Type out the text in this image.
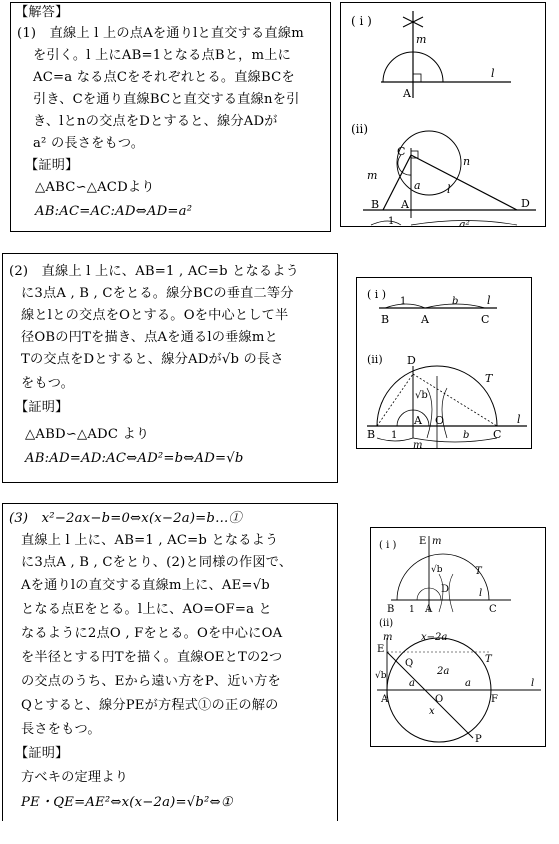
【解答】
(1)　直線上 l 上の点Aを通りlと直交する直線m
を引く。l 上にAB=1となる点Bと，m上に
AC=a なる点Cをそれぞれとる。直線BCを
引き、Cを通り直線BCと直交する直線nを引
き、lとnの交点をDとすると、線分ADが
a² の長さをもつ。
【証明】
△ABC∽△ACDより
AB:AC=AC:AD⇔AD=a²
( i )
m
A
l
(ii)
C
n
a
m
l
B A	D
1	a²
(2)　直線上 l 上に、AB=1 , AC=b となるよう
に3点A , B , Cをとる。線分BCの垂直二等分
線とlとの交点をOとする。Oを中心として半
径OBの円Tを描き、点Aを通るlの垂線mと
Tの交点をDとすると、線分ADが√b の長さ
をもつ。
【証明】
△ABD∽△ADC より
AB:AD=AD:AC⇔AD²=b⇔AD=√b
( i )
1	b	l
B	A	C
(ii) D
T
√b
B
A O
C
l
1	b
m
(3)　x²−2ax−b=0⇔x(x−2a)=b…①
直線上 l 上に、AB=1 , AC=b となるよう
に3点A , B , Cをとり、(2)と同様の作図で、
Aを通りlの直交する直線m上に、AE=√b
となる点Eをとる。l上に、AO=OF=a と
なるように2点O , Fをとる。Oを中心にOA
を半径とする円Tを描く。直線OEとTの2つ
の交点のうち、Eから遠い方をP、近い方を
Qとすると、線分PEが方程式①の正の解の
長さをもつ。
【証明】
方べキの定理より
PE・QE=AE²⇔x(x−2a)=√b²⇔①
( i ) E m
√b
D
T
B 1 A
l
C
(ii)
m	x−2a
E
T
Q
√b	2a
A
a
O
x
a
F
l
P
